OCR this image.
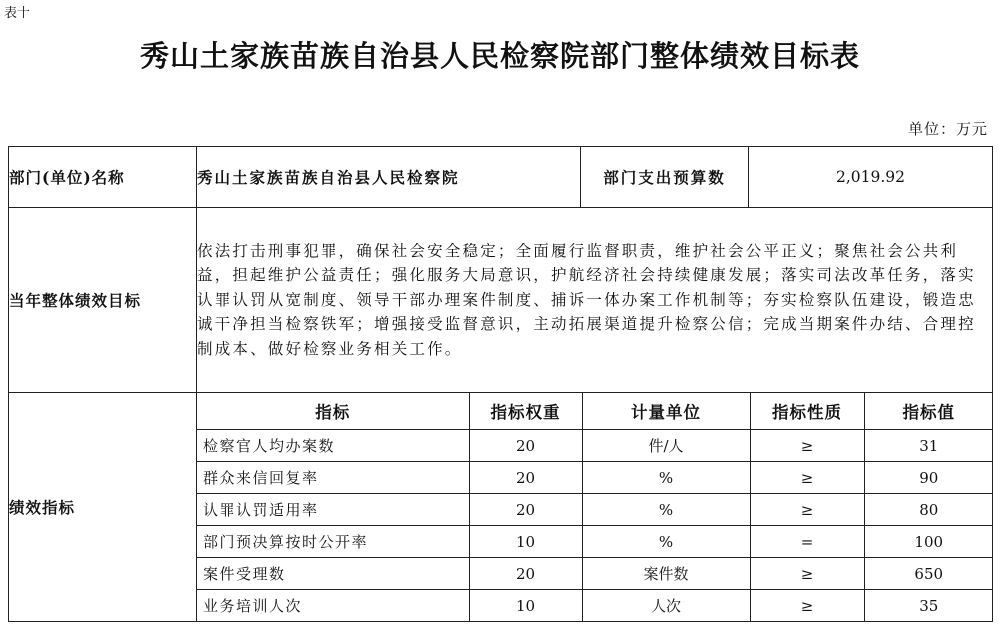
表十
秀山土家族苗族自治县人民检察院部门整体绩效目标表
单位：万元
部门(单位)名称	秀山土家族苗族自治县人民检察院	部门支出预算数	2,019.92
当年整体绩效目标	依法打击刑事犯罪，确保社会安全稳定；全面履行监督职责，维护社会公平正义；聚焦社会公共利益，担起维护公益责任；强化服务大局意识，护航经济社会持续健康发展；落实司法改革任务，落实认罪认罚从宽制度、领导干部办理案件制度、捕诉一体办案工作机制等；夯实检察队伍建设，锻造忠诚干净担当检察铁军；增强接受监督意识，主动拓展渠道提升检察公信；完成当期案件办结、合理控制成本、做好检察业务相关工作。
绩效指标	
指标	指标权重	计量单位	指标性质	指标值
检察官人均办案数	20	件/人	≥	31
群众来信回复率	20	%	≥	90
认罪认罚适用率	20	%	≥	80
部门预决算按时公开率	10	%	=	100
案件受理数	20	案件数	≥	650
业务培训人次	10	人次	≥	35
